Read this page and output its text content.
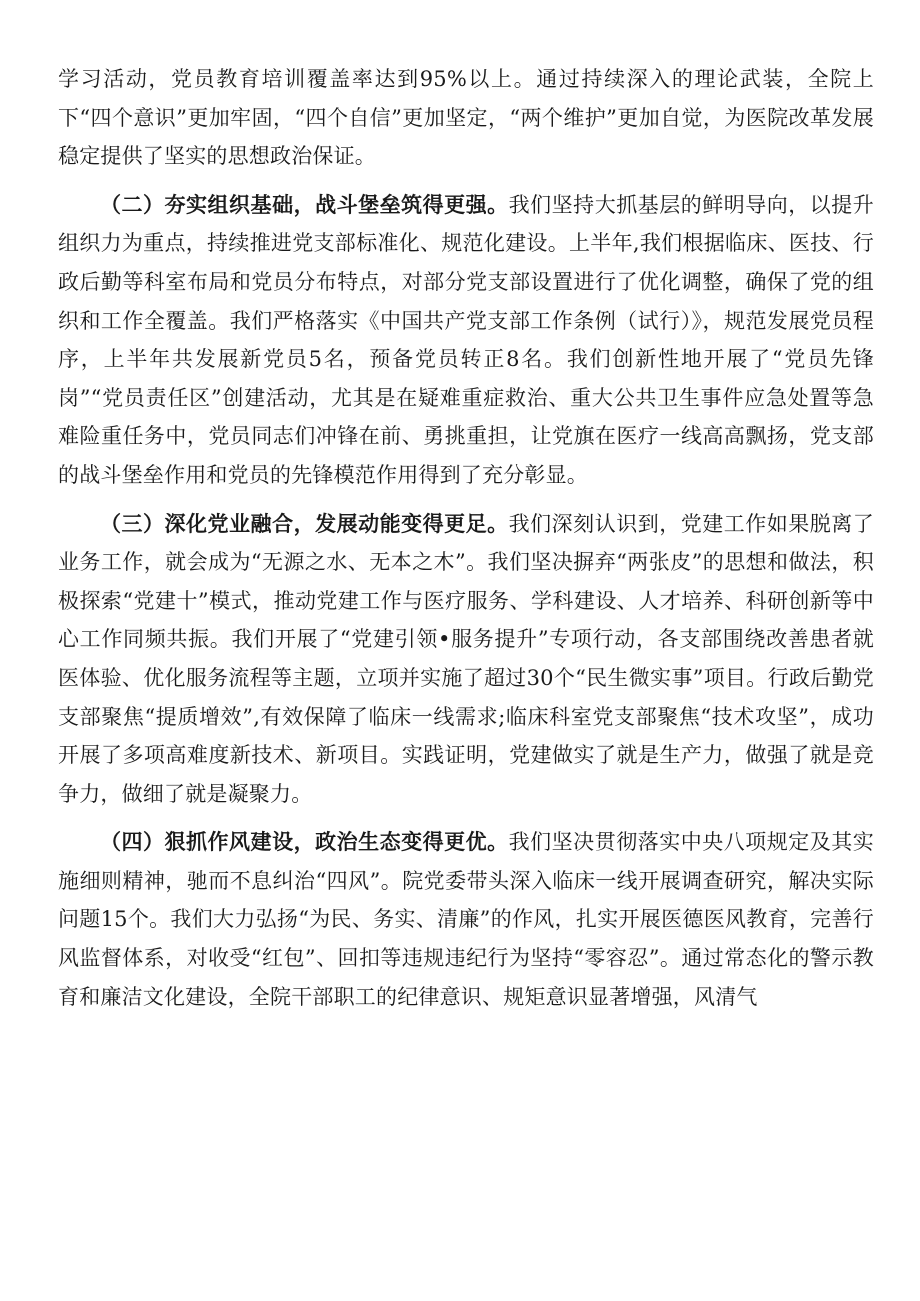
学习活动，党员教育培训覆盖率达到95%以上。通过持续深入的理论武装，全院上下“四个意识”更加牢固，“四个自信”更加坚定，“两个维护”更加自觉，为医院改革发展稳定提供了坚实的思想政治保证。

（二）夯实组织基础，战斗堡垒筑得更强。我们坚持大抓基层的鲜明导向，以提升组织力为重点，持续推进党支部标准化、规范化建设。上半年,我们根据临床、医技、行政后勤等科室布局和党员分布特点，对部分党支部设置进行了优化调整，确保了党的组织和工作全覆盖。我们严格落实《中国共产党支部工作条例（试行）》，规范发展党员程序，上半年共发展新党员5名，预备党员转正8名。我们创新性地开展了“党员先锋岗”“党员责任区”创建活动，尤其是在疑难重症救治、重大公共卫生事件应急处置等急难险重任务中，党员同志们冲锋在前、勇挑重担，让党旗在医疗一线高高飘扬，党支部的战斗堡垒作用和党员的先锋模范作用得到了充分彰显。

（三）深化党业融合，发展动能变得更足。我们深刻认识到，党建工作如果脱离了业务工作，就会成为“无源之水、无本之木”。我们坚决摒弃“两张皮”的思想和做法，积极探索“党建十”模式，推动党建工作与医疗服务、学科建设、人才培养、科研创新等中心工作同频共振。我们开展了“党建引领•服务提升”专项行动，各支部围绕改善患者就医体验、优化服务流程等主题，立项并实施了超过30个“民生微实事”项目。行政后勤党支部聚焦“提质增效”,有效保障了临床一线需求;临床科室党支部聚焦“技术攻坚”，成功开展了多项高难度新技术、新项目。实践证明，党建做实了就是生产力，做强了就是竞争力，做细了就是凝聚力。

（四）狠抓作风建设，政治生态变得更优。我们坚决贯彻落实中央八项规定及其实施细则精神，驰而不息纠治“四风”。院党委带头深入临床一线开展调查研究，解决实际问题15个。我们大力弘扬“为民、务实、清廉”的作风，扎实开展医德医风教育，完善行风监督体系，对收受“红包”、回扣等违规违纪行为坚持“零容忍”。通过常态化的警示教育和廉洁文化建设，全院干部职工的纪律意识、规矩意识显著增强，风清气
